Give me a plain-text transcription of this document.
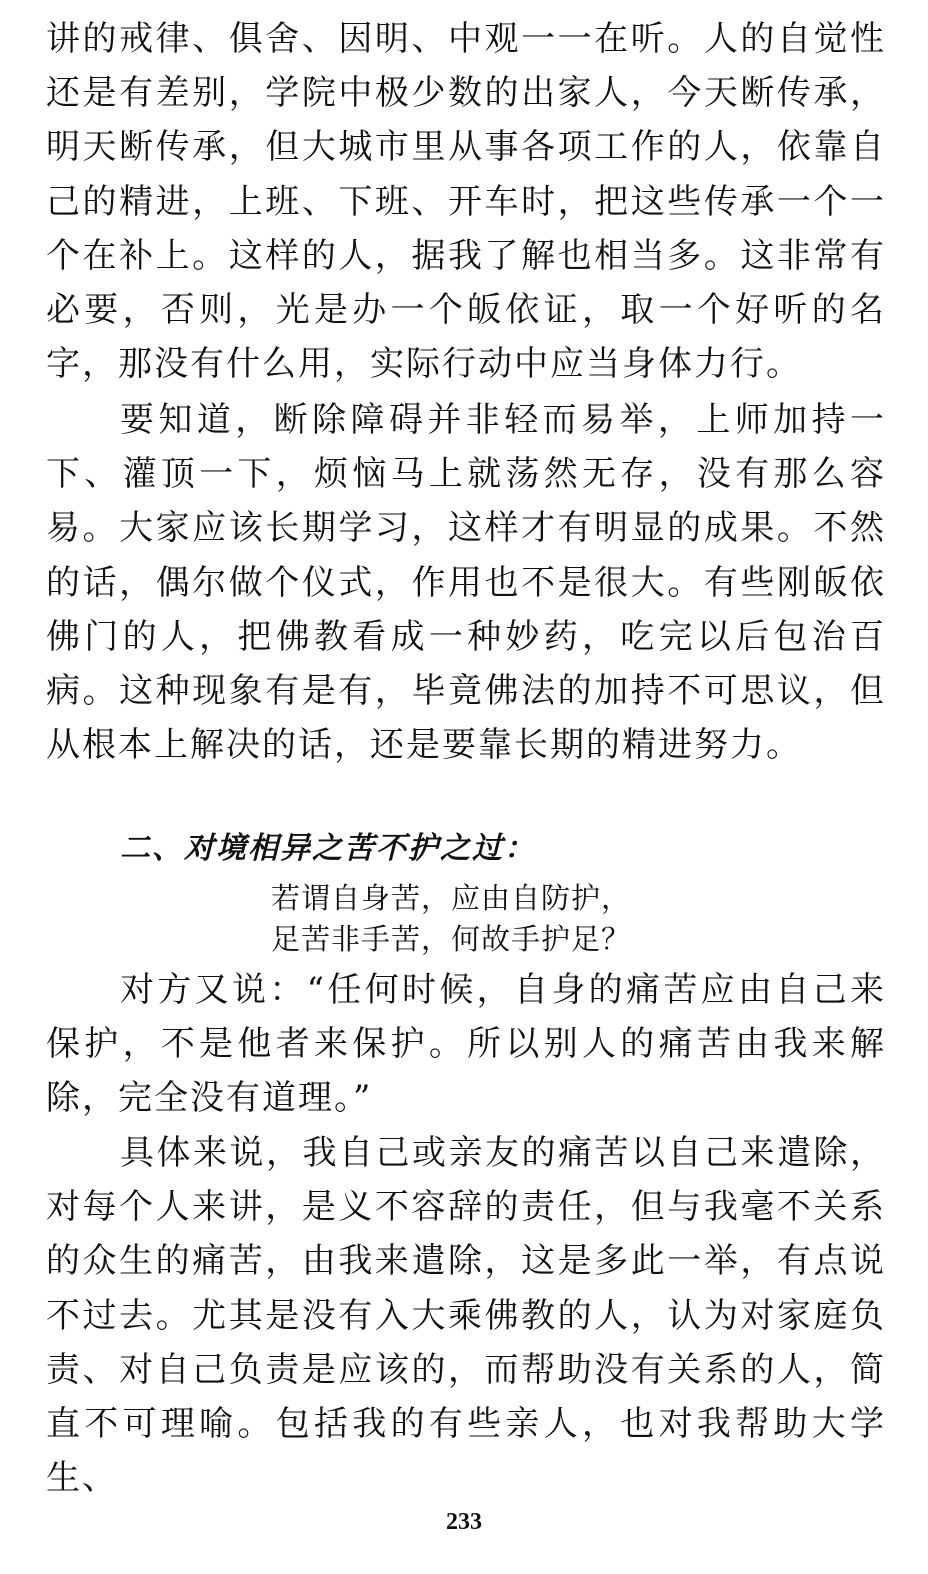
讲的戒律、俱舍、因明、中观一一在听。人的自觉性还是有差别，学院中极少数的出家人，今天断传承，明天断传承，但大城市里从事各项工作的人，依靠自己的精进，上班、下班、开车时，把这些传承一个一个在补上。这样的人，据我了解也相当多。这非常有必要，否则，光是办一个皈依证，取一个好听的名字，那没有什么用，实际行动中应当身体力行。

要知道，断除障碍并非轻而易举，上师加持一下、灌顶一下，烦恼马上就荡然无存，没有那么容易。大家应该长期学习，这样才有明显的成果。不然的话，偶尔做个仪式，作用也不是很大。有些刚皈依佛门的人，把佛教看成一种妙药，吃完以后包治百病。这种现象有是有，毕竟佛法的加持不可思议，但从根本上解决的话，还是要靠长期的精进努力。

二、对境相异之苦不护之过：

若谓自身苦，应由自防护，

足苦非手苦，何故手护足？

对方又说：“任何时候，自身的痛苦应由自己来保护，不是他者来保护。所以别人的痛苦由我来解除，完全没有道理。”

具体来说，我自己或亲友的痛苦以自己来遣除，对每个人来讲，是义不容辞的责任，但与我毫不关系的众生的痛苦，由我来遣除，这是多此一举，有点说不过去。尤其是没有入大乘佛教的人，认为对家庭负责、对自己负责是应该的，而帮助没有关系的人，简直不可理喻。包括我的有些亲人，也对我帮助大学生、

233
